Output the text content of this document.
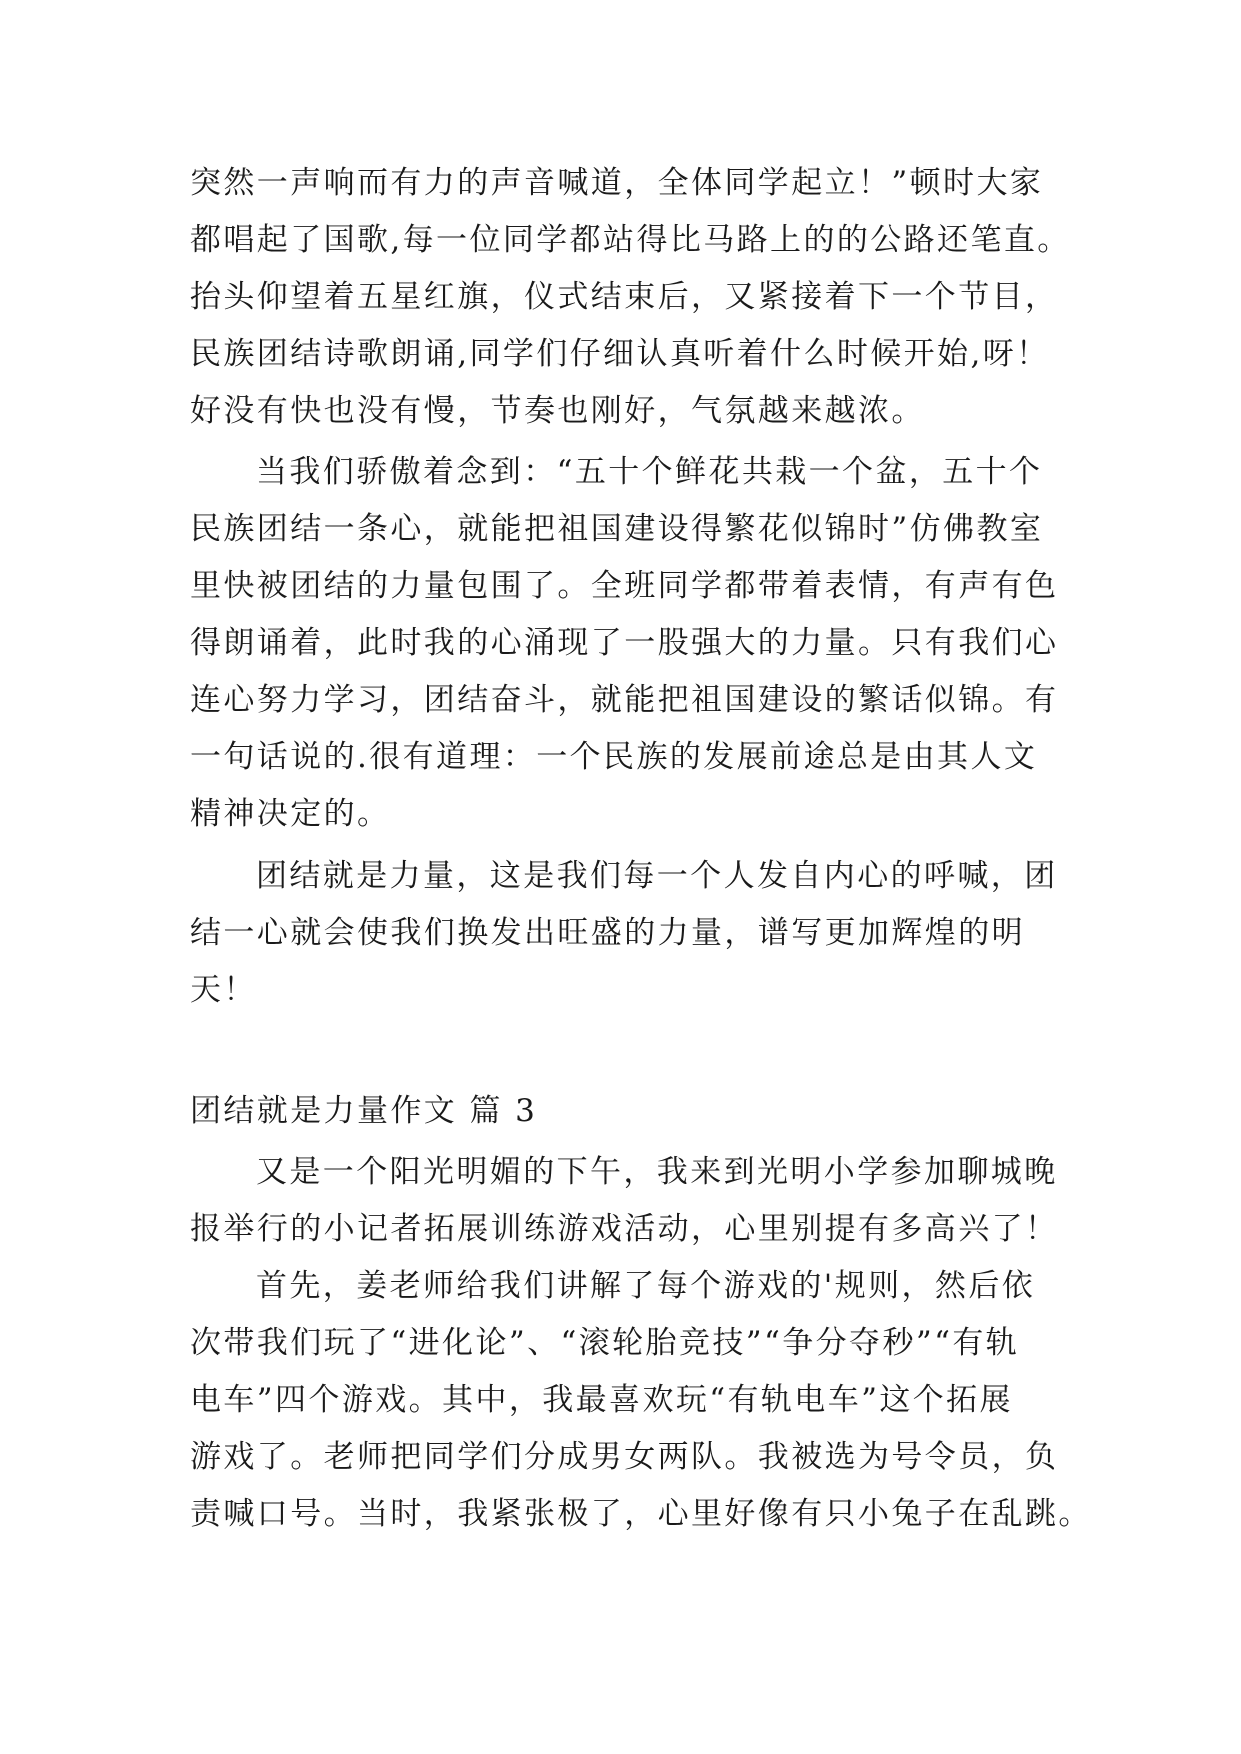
突然一声响而有力的声音喊道，全体同学起立！”顿时大家
都唱起了国歌,每一位同学都站得比马路上的的公路还笔直。
抬头仰望着五星红旗，仪式结束后，又紧接着下一个节目，
民族团结诗歌朗诵,同学们仔细认真听着什么时候开始,呀！
好没有快也没有慢，节奏也刚好，气氛越来越浓。
当我们骄傲着念到：“五十个鲜花共栽一个盆，五十个
民族团结一条心，就能把祖国建设得繁花似锦时”仿佛教室
里快被团结的力量包围了。全班同学都带着表情，有声有色
得朗诵着，此时我的心涌现了一股强大的力量。只有我们心
连心努力学习，团结奋斗，就能把祖国建设的繁话似锦。有
一句话说的.很有道理：一个民族的发展前途总是由其人文
精神决定的。
团结就是力量，这是我们每一个人发自内心的呼喊，团
结一心就会使我们换发出旺盛的力量，谱写更加辉煌的明
天！
团结就是力量作文 篇 3
又是一个阳光明媚的下午，我来到光明小学参加聊城晚
报举行的小记者拓展训练游戏活动，心里别提有多高兴了！
首先，姜老师给我们讲解了每个游戏的'规则，然后依
次带我们玩了“进化论”、“滚轮胎竞技”“争分夺秒”“有轨
电车”四个游戏。其中，我最喜欢玩“有轨电车”这个拓展
游戏了。老师把同学们分成男女两队。我被选为号令员，负
责喊口号。当时，我紧张极了，心里好像有只小兔子在乱跳。
